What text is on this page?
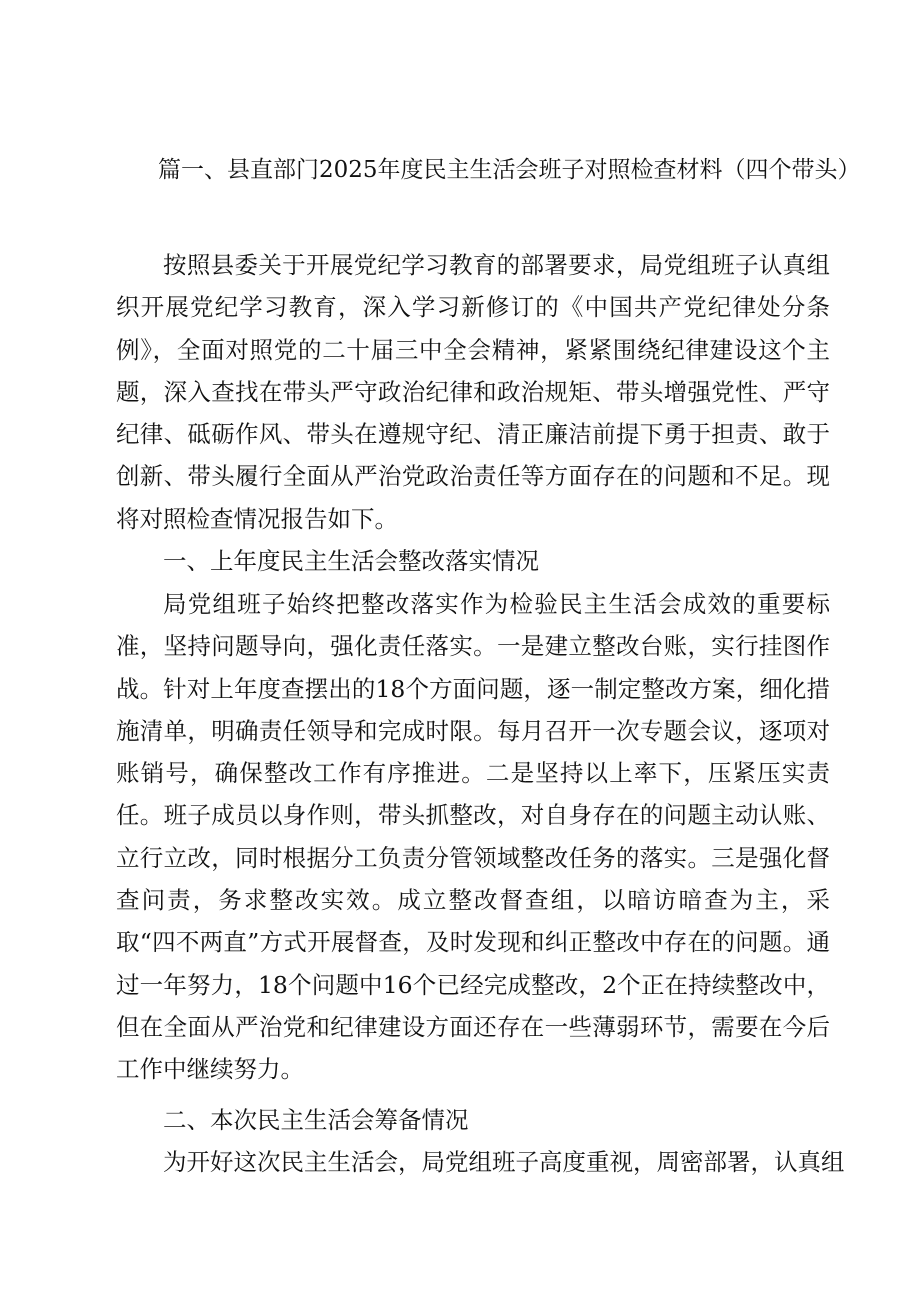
篇一、县直部门2025年度民主生活会班子对照检查材料（四个带头）

按照县委关于开展党纪学习教育的部署要求，局党组班子认真组织开展党纪学习教育，深入学习新修订的《中国共产党纪律处分条例》，全面对照党的二十届三中全会精神，紧紧围绕纪律建设这个主题，深入查找在带头严守政治纪律和政治规矩、带头增强党性、严守纪律、砥砺作风、带头在遵规守纪、清正廉洁前提下勇于担责、敢于创新、带头履行全面从严治党政治责任等方面存在的问题和不足。现将对照检查情况报告如下。

一、上年度民主生活会整改落实情况

局党组班子始终把整改落实作为检验民主生活会成效的重要标准，坚持问题导向，强化责任落实。一是建立整改台账，实行挂图作战。针对上年度查摆出的18个方面问题，逐一制定整改方案，细化措施清单，明确责任领导和完成时限。每月召开一次专题会议，逐项对账销号，确保整改工作有序推进。二是坚持以上率下，压紧压实责任。班子成员以身作则，带头抓整改，对自身存在的问题主动认账、立行立改，同时根据分工负责分管领域整改任务的落实。三是强化督查问责，务求整改实效。成立整改督查组，以暗访暗查为主，采取“四不两直”方式开展督查，及时发现和纠正整改中存在的问题。通过一年努力，18个问题中16个已经完成整改，2个正在持续整改中，但在全面从严治党和纪律建设方面还存在一些薄弱环节，需要在今后工作中继续努力。

二、本次民主生活会筹备情况

为开好这次民主生活会，局党组班子高度重视，周密部署，认真组
